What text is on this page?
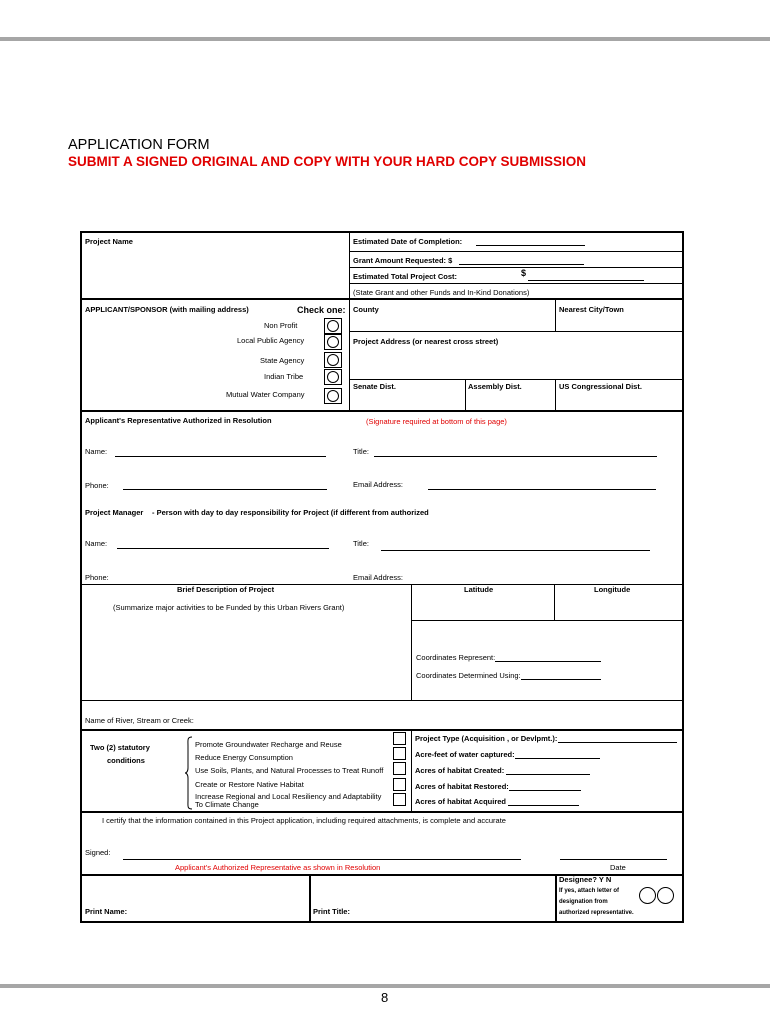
APPLICATION FORM
SUBMIT A SIGNED ORIGINAL AND COPY WITH YOUR HARD COPY SUBMISSION
Project Name	Estimated Date of Completion:
Grant Amount Requested: $
Estimated Total Project Cost:	$
(State Grant and other Funds and In-Kind Donations)
APPLICANT/SPONSOR (with mailing address)	Check one:
Non Profit
Local Public Agency
State Agency
Indian Tribe
Mutual Water Company
County	Nearest City/Town
Project Address (or nearest cross street)
Senate Dist.	Assembly Dist.	US Congressional Dist.
Applicant's Representative Authorized in Resolution	(Signature required at bottom of this page)
Name:	Title:
Phone:	Email Address:
Project Manager - Person with day to day responsibility for Project (if different from authorized
Name:	Title:
Phone:	Email Address:
Brief Description of Project
(Summarize major activities to be Funded by this Urban Rivers Grant)
Latitude	Longitude
Coordinates Represent:
Coordinates Determined Using:
Name of River, Stream or Creek:
Two (2) statutory
conditions
Promote Groundwater Recharge and Reuse
Reduce Energy Consumption
Use Soils, Plants, and Natural Processes to Treat Runoff
Create or Restore Native Habitat
Increase Regional and Local Resiliency and Adaptability
To Climate Change
Project Type (Acquisition , or Devlpmt.):
Acre-feet of water captured:
Acres of habitat Created:
Acres of habitat Restored:
Acres of habitat Acquired
I certify that the information contained in this Project application, including required attachments, is complete and accurate
Signed:
Applicant's Authorized Representative as shown in Resolution	Date
Designee? Y N
If yes, attach letter of
designation from
authorized representative.
Print Name:	Print Title:
8
